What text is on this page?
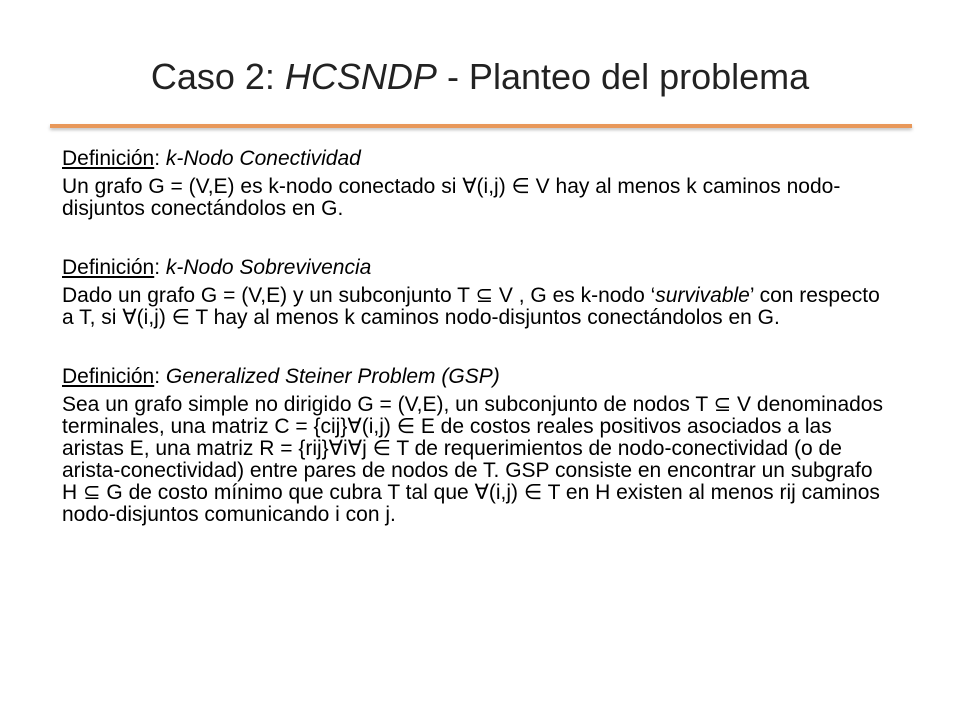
Caso 2: HCSNDP - Planteo del problema

Definición: k-Nodo Conectividad

Un grafo G = (V,E) es k-nodo conectado si ∀(i,j) ∈ V hay al menos k caminos nodo-disjuntos conectándolos en G.

Definición: k-Nodo Sobrevivencia

Dado un grafo G = (V,E) y un subconjunto T ⊆ V , G es k-nodo ‘survivable’ con respecto a T, si ∀(i,j) ∈ T hay al menos k caminos nodo-disjuntos conectándolos en G.

Definición: Generalized Steiner Problem (GSP)

Sea un grafo simple no dirigido G = (V,E), un subconjunto de nodos T ⊆ V denominados terminales, una matriz C = {cij}∀(i,j) ∈ E de costos reales positivos asociados a las aristas E, una matriz R = {rij}∀i∀j ∈ T de requerimientos de nodo-conectividad (o de arista-conectividad) entre pares de nodos de T. GSP consiste en encontrar un subgrafo H ⊆ G de costo mínimo que cubra T tal que ∀(i,j) ∈ T en H existen al menos rij caminos nodo-disjuntos comunicando i con j.
